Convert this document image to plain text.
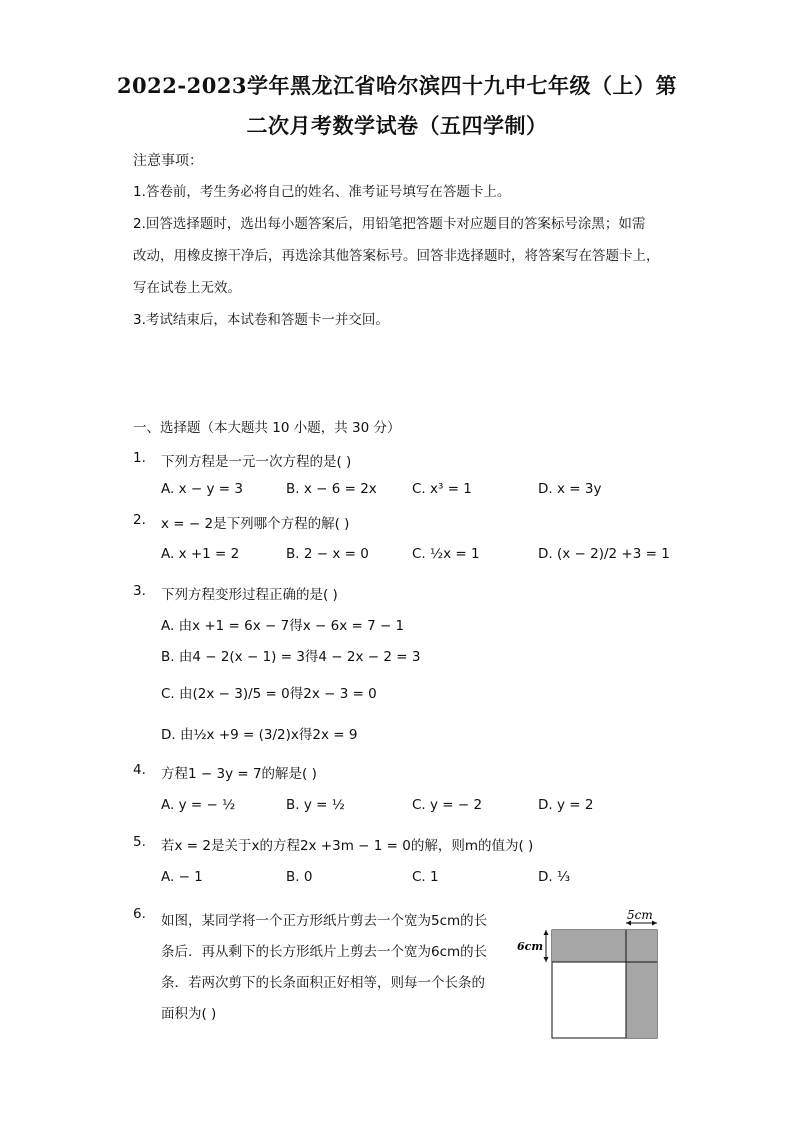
2022-2023学年黑龙江省哈尔滨四十九中七年级（上）第
二次月考数学试卷（五四学制）
注意事项：
1.答卷前，考生务必将自己的姓名、准考证号填写在答题卡上。
2.回答选择题时，选出每小题答案后，用铅笔把答题卡对应题目的答案标号涂黑；如需
改动，用橡皮擦干净后，再选涂其他答案标号。回答非选择题时，将答案写在答题卡上，
写在试卷上无效。
3.考试结束后，本试卷和答题卡一并交回。
一、选择题（本大题共 10 小题，共 30 分）
1. 下列方程是一元一次方程的是( )
A. x − y = 3	B. x − 6 = 2x	C. x³ = 1	D. x = 3y
2. x = − 2是下列哪个方程的解( )
A. x +1 = 2	B. 2 − x = 0	C. ½x = 1	D. (x − 2)/2 +3 = 1
3. 下列方程变形过程正确的是( )
A. 由x +1 = 6x − 7得x − 6x = 7 − 1
B. 由4 − 2(x − 1) = 3得4 − 2x − 2 = 3
C. 由(2x − 3)/5 = 0得2x − 3 = 0
D. 由½x +9 = (3/2)x得2x = 9
4. 方程1 − 3y = 7的解是( )
A. y = − ½	B. y = ½	C. y = − 2	D. y = 2
5. 若x = 2是关于x的方程2x +3m − 1 = 0的解，则m的值为( )
A. − 1	B. 0	C. 1	D. ⅓
6. 如图，某同学将一个正方形纸片剪去一个宽为5cm的长
条后．再从剩下的长方形纸片上剪去一个宽为6cm的长
条．若两次剪下的长条面积正好相等，则每一个长条的
面积为( )
5cm
6cm
